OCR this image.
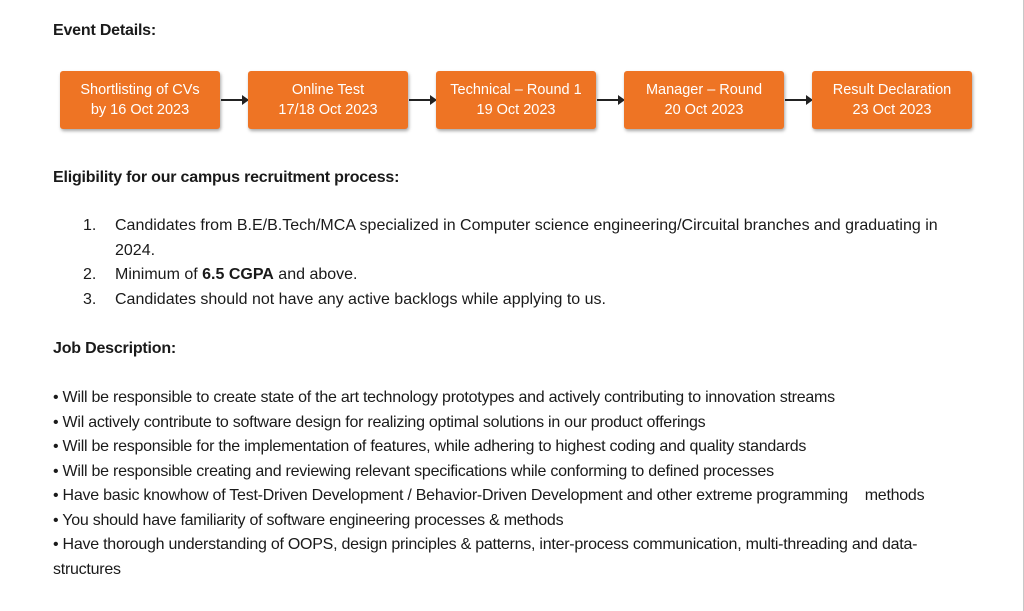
Event Details:
Shortlisting of CVs
by 16 Oct 2023
Online Test
17/18 Oct 2023
Technical – Round 1
19 Oct 2023
Manager – Round
20 Oct 2023
Result Declaration
23 Oct 2023
Eligibility for our campus recruitment process:
1. Candidates from B.E/B.Tech/MCA specialized in Computer science engineering/Circuital branches and graduating in 2024.
2. Minimum of 6.5 CGPA and above.
3. Candidates should not have any active backlogs while applying to us.
Job Description:
• Will be responsible to create state of the art technology prototypes and actively contributing to innovation streams
• Wil actively contribute to software design for realizing optimal solutions in our product offerings
• Will be responsible for the implementation of features, while adhering to highest coding and quality standards
• Will be responsible creating and reviewing relevant specifications while conforming to defined processes
• Have basic knowhow of Test-Driven Development / Behavior-Driven Development and other extreme programming    methods
• You should have familiarity of software engineering processes & methods
• Have thorough understanding of OOPS, design principles & patterns, inter-process communication, multi-threading and data-structures
